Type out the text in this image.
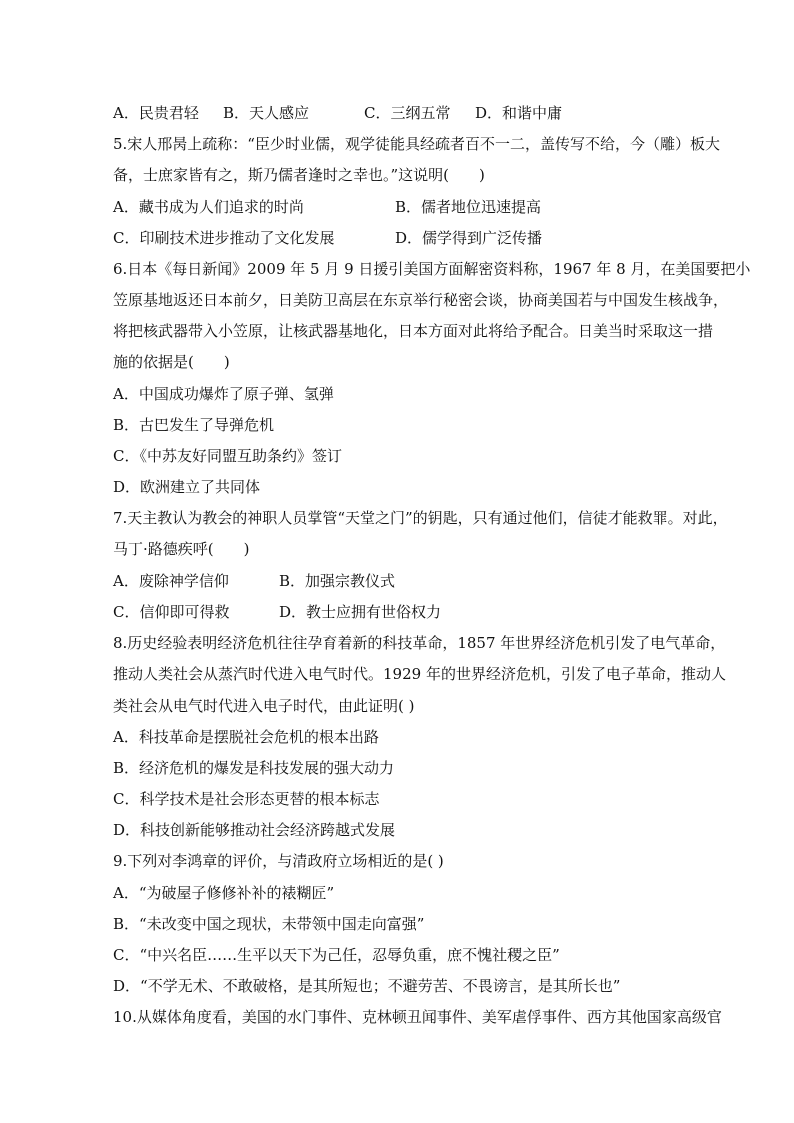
A．民贵君轻 B．天人感应	C．三纲五常 D．和谐中庸
5.宋人邢昺上疏称：“臣少时业儒，观学徒能具经疏者百不一二，盖传写不给，今（雕）板大
备，士庶家皆有之，斯乃儒者逢时之幸也。”这说明(　　)
A．藏书成为人们追求的时尚	B．儒者地位迅速提高
C．印刷技术进步推动了文化发展	D．儒学得到广泛传播
6.日本《每日新闻》2009 年 5 月 9 日援引美国方面解密资料称，1967 年 8 月，在美国要把小
笠原基地返还日本前夕，日美防卫高层在东京举行秘密会谈，协商美国若与中国发生核战争，
将把核武器带入小笠原，让核武器基地化，日本方面对此将给予配合。日美当时采取这一措
施的依据是(　　)
A．中国成功爆炸了原子弹、氢弹
B．古巴发生了导弹危机
C．《中苏友好同盟互助条约》签订
D．欧洲建立了共同体
7.天主教认为教会的神职人员掌管“天堂之门”的钥匙，只有通过他们，信徒才能救罪。对此，
马丁·路德疾呼(　　)
A．废除神学信仰	B．加强宗教仪式
C．信仰即可得救	D．教士应拥有世俗权力
8.历史经验表明经济危机往往孕育着新的科技革命，1857 年世界经济危机引发了电气革命，
推动人类社会从蒸汽时代进入电气时代。1929 年的世界经济危机，引发了电子革命，推动人
类社会从电气时代进入电子时代，由此证明( )
A．科技革命是摆脱社会危机的根本出路
B．经济危机的爆发是科技发展的强大动力
C．科学技术是社会形态更替的根本标志
D．科技创新能够推动社会经济跨越式发展
9.下列对李鸿章的评价，与清政府立场相近的是( )
A．“为破屋子修修补补的裱糊匠”
B．“未改变中国之现状，未带领中国走向富强”
C．“中兴名臣……生平以天下为己任，忍辱负重，庶不愧社稷之臣”
D．“不学无术、不敢破格，是其所短也；不避劳苦、不畏谤言，是其所长也”
10.从媒体角度看，美国的水门事件、克林顿丑闻事件、美军虐俘事件、西方其他国家高级官
